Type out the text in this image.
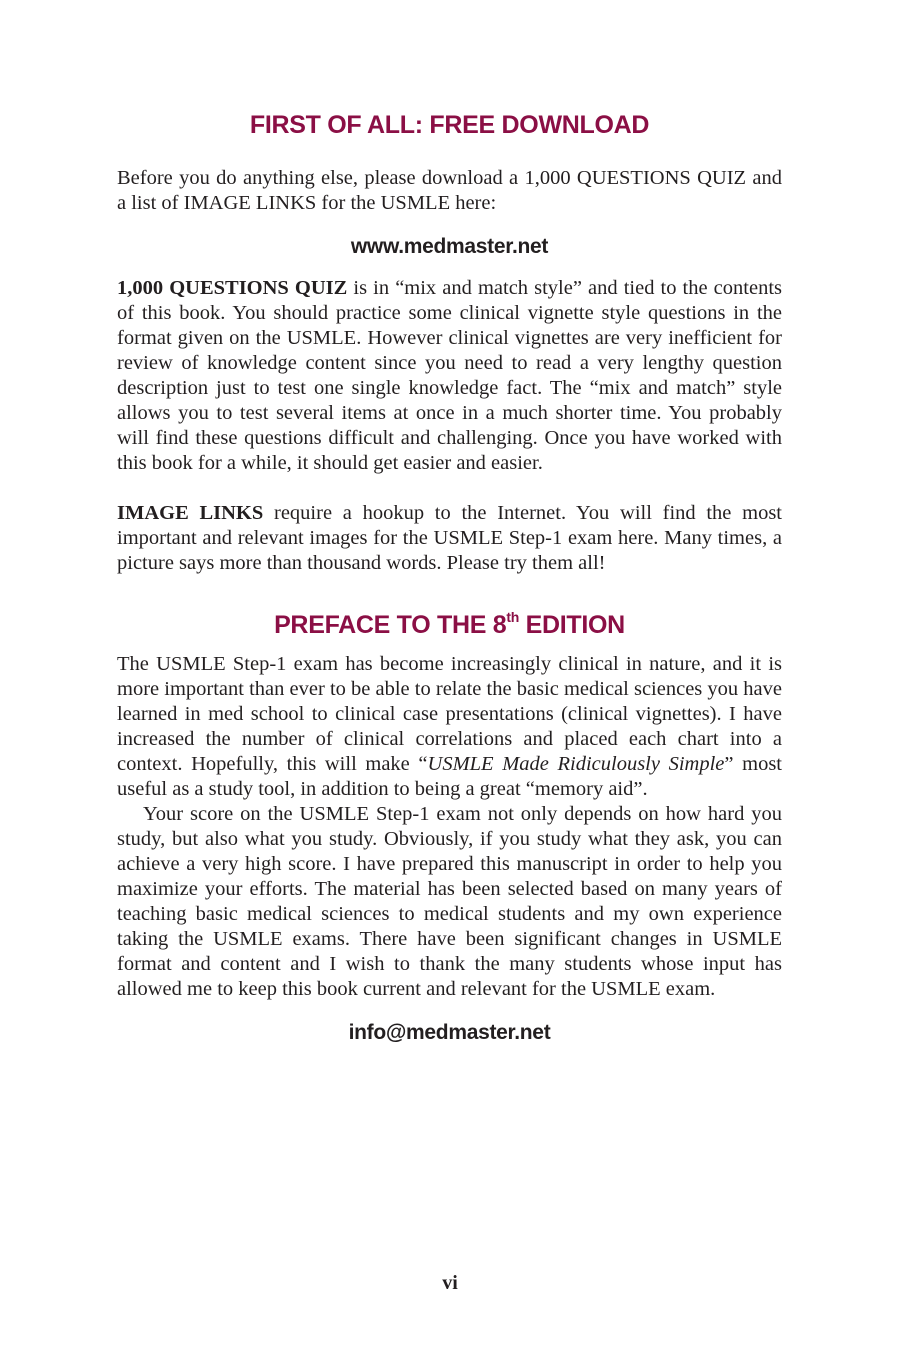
FIRST OF ALL: FREE DOWNLOAD

Before you do anything else, please download a 1,000 QUESTIONS QUIZ and a list of IMAGE LINKS for the USMLE here:

www.medmaster.net

1,000 QUESTIONS QUIZ is in “mix and match style” and tied to the contents of this book. You should practice some clinical vignette style questions in the format given on the USMLE. However clinical vignettes are very inefficient for review of knowledge content since you need to read a very lengthy question description just to test one single knowledge fact. The “mix and match” style allows you to test several items at once in a much shorter time. You probably will find these questions difficult and challenging. Once you have worked with this book for a while, it should get easier and easier.

IMAGE LINKS require a hookup to the Internet. You will find the most important and relevant images for the USMLE Step-1 exam here. Many times, a picture says more than thousand words. Please try them all!

PREFACE TO THE 8th EDITION

The USMLE Step-1 exam has become increasingly clinical in nature, and it is more important than ever to be able to relate the basic medical sciences you have learned in med school to clinical case presentations (clinical vignettes). I have increased the number of clinical correlations and placed each chart into a context. Hopefully, this will make “USMLE Made Ridiculously Simple” most useful as a study tool, in addition to being a great “memory aid”.

Your score on the USMLE Step-1 exam not only depends on how hard you study, but also what you study. Obviously, if you study what they ask, you can achieve a very high score. I have prepared this manuscript in order to help you maximize your efforts. The material has been selected based on many years of teaching basic medical sciences to medical students and my own experience taking the USMLE exams. There have been significant changes in USMLE format and content and I wish to thank the many students whose input has allowed me to keep this book current and relevant for the USMLE exam.

info@medmaster.net

vi
